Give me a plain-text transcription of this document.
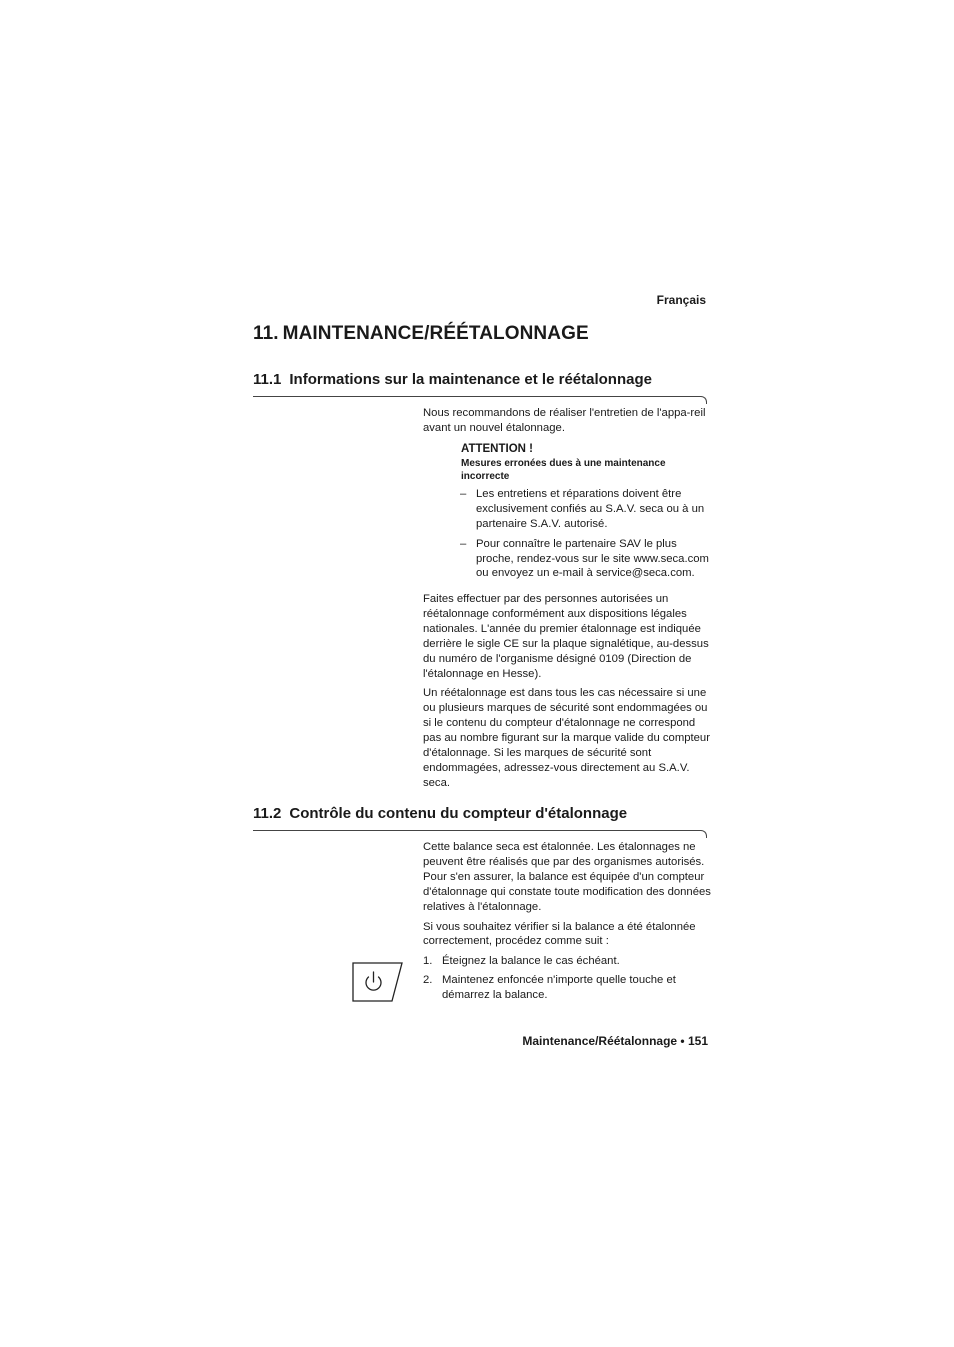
Français
11. MAINTENANCE/RÉÉTALONNAGE
11.1 Informations sur la maintenance et le réétalonnage

Nous recommandons de réaliser l'entretien de l'appa-reil avant un nouvel étalonnage.

ATTENTION !
Mesures erronées dues à une maintenance incorrecte
– Les entretiens et réparations doivent être exclusivement confiés au S.A.V. seca ou à un partenaire S.A.V. autorisé.
– Pour connaître le partenaire SAV le plus proche, rendez-vous sur le site www.seca.com ou envoyez un e-mail à service@seca.com.

Faites effectuer par des personnes autorisées un réétalonnage conformément aux dispositions légales nationales. L'année du premier étalonnage est indiquée derrière le sigle CE sur la plaque signalétique, au-dessus du numéro de l'organisme désigné 0109 (Direction de l'étalonnage en Hesse).

Un réétalonnage est dans tous les cas nécessaire si une ou plusieurs marques de sécurité sont endommagées ou si le contenu du compteur d'étalonnage ne correspond pas au nombre figurant sur la marque valide du compteur d'étalonnage. Si les marques de sécurité sont endommagées, adressez-vous directement au S.A.V. seca.

11.2 Contrôle du contenu du compteur d'étalonnage

Cette balance seca est étalonnée. Les étalonnages ne peuvent être réalisés que par des organismes autorisés. Pour s'en assurer, la balance est équipée d'un compteur d'étalonnage qui constate toute modification des données relatives à l'étalonnage.

Si vous souhaitez vérifier si la balance a été étalonnée correctement, procédez comme suit :

1. Éteignez la balance le cas échéant.
2. Maintenez enfoncée n'importe quelle touche et démarrez la balance.
Maintenance/Réétalonnage • 151
